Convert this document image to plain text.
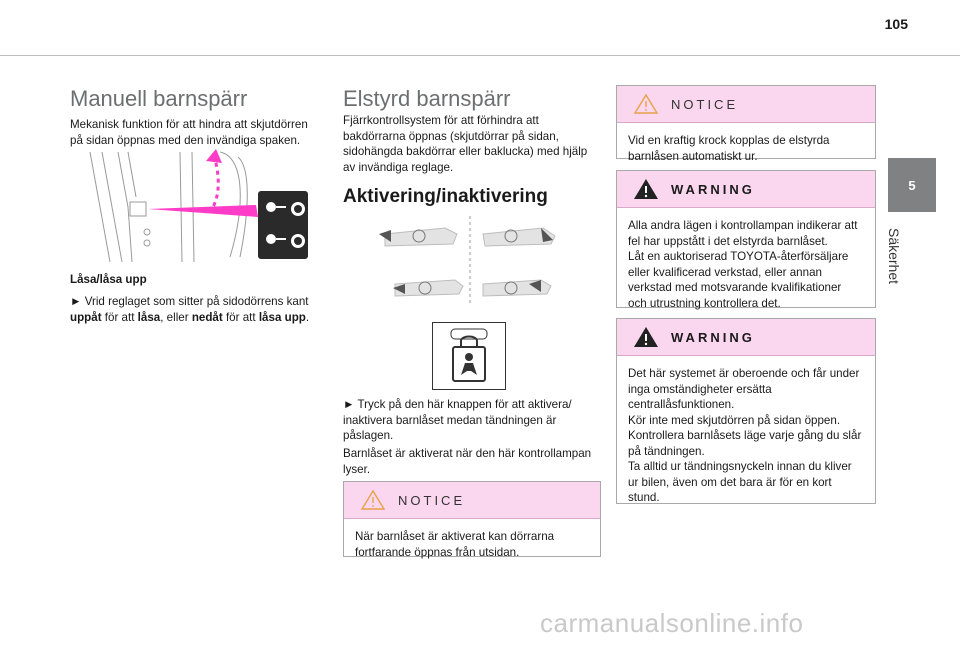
105
5
Säkerhet
Manuell barnspärr
Mekanisk funktion för att hindra att skjutdörren på sidan öppnas med den invändiga spaken.
Låsa/låsa upp
► Vrid reglaget som sitter på sidodörrens kant uppåt för att låsa, eller nedåt för att låsa upp.
Elstyrd barnspärr
Fjärrkontrollsystem för att förhindra att bakdörrarna öppnas (skjutdörrar på sidan, sidohängda bakdörrar eller baklucka) med hjälp av invändiga reglage.
Aktivering/inaktivering
► Tryck på den här knappen för att aktivera/ inaktivera barnlåset medan tändningen är påslagen.
Barnlåset är aktiverat när den här kontrollampan lyser.
NOTICE
När barnlåset är aktiverat kan dörrarna fortfarande öppnas från utsidan.
NOTICE
Vid en kraftig krock kopplas de elstyrda barnlåsen automatiskt ur.
WARNING
Alla andra lägen i kontrollampan indikerar att fel har uppstått i det elstyrda barnlåset.
Låt en auktoriserad TOYOTA-återförsäljare eller kvalificerad verkstad, eller annan verkstad med motsvarande kvalifikationer och utrustning kontrollera det.
WARNING
Det här systemet är oberoende och får under inga omständigheter ersätta centrallåsfunktionen.
Kör inte med skjutdörren på sidan öppen.
Kontrollera barnlåsets läge varje gång du slår på tändningen.
Ta alltid ur tändningsnyckeln innan du kliver ur bilen, även om det bara är för en kort stund.
carmanualsonline.info
